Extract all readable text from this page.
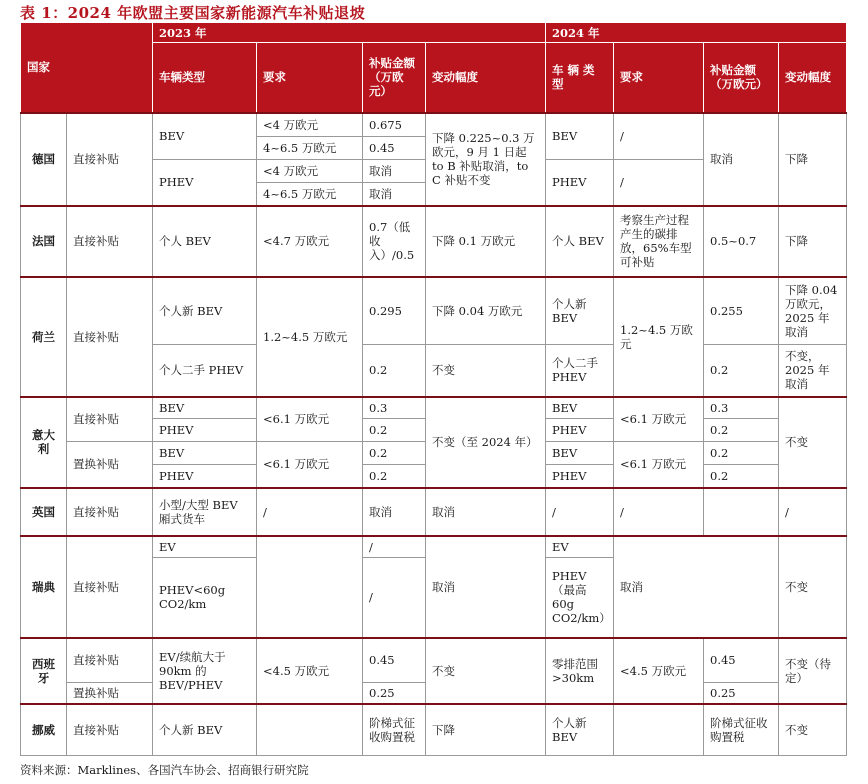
表 1：2024 年欧盟主要国家新能源汽车补贴退坡
国家		2023 年				2024 年			
		车辆类型	要求	补贴金额（万欧元）	变动幅度	车 辆 类 型	要求	补贴金额（万欧元）	变动幅度
德国	直接补贴	BEV	<4 万欧元	0.675	下降 0.225~0.3 万欧元，9 月 1 日起 to B 补贴取消，to C 补贴不变	BEV	/	取消	下降
			4~6.5 万欧元	0.45					
		PHEV	<4 万欧元	取消		PHEV	/		
			4~6.5 万欧元	取消					
法国	直接补贴	个人 BEV	<4.7 万欧元	0.7（低收入）/0.5	下降 0.1 万欧元	个人 BEV	考察生产过程产生的碳排放，65%车型可补贴	0.5~0.7	下降
荷兰	直接补贴	个人新 BEV	1.2~4.5 万欧元	0.295	下降 0.04 万欧元	个人新 BEV	1.2~4.5 万欧元	0.255	下降 0.04 万欧元，2025 年取消
		个人二手 PHEV		0.2	不变	个人二手 PHEV		0.2	不变，2025 年取消
意大利	直接补贴	BEV	<6.1 万欧元	0.3	不变（至 2024 年）	BEV	<6.1 万欧元	0.3	不变
		PHEV		0.2		PHEV		0.2	
	置换补贴	BEV	<6.1 万欧元	0.2		BEV	<6.1 万欧元	0.2	
		PHEV		0.2		PHEV		0.2	
英国	直接补贴	小型/大型 BEV 厢式货车	/	取消	取消	/	/		/
瑞典	直接补贴	EV		/	取消	EV	取消		不变
		PHEV<60g CO2/km		/		PHEV（最高 60g CO2/km）			
西班牙	直接补贴	EV/续航大于 90km 的 BEV/PHEV	<4.5 万欧元	0.45	不变	零排范围 >30km	<4.5 万欧元	0.45	不变（待定）
	置换补贴			0.25				0.25	
挪威	直接补贴	个人新 BEV		阶梯式征收购置税	下降	个人新 BEV		阶梯式征收购置税	不变
资料来源：Marklines、各国汽车协会、招商银行研究院
